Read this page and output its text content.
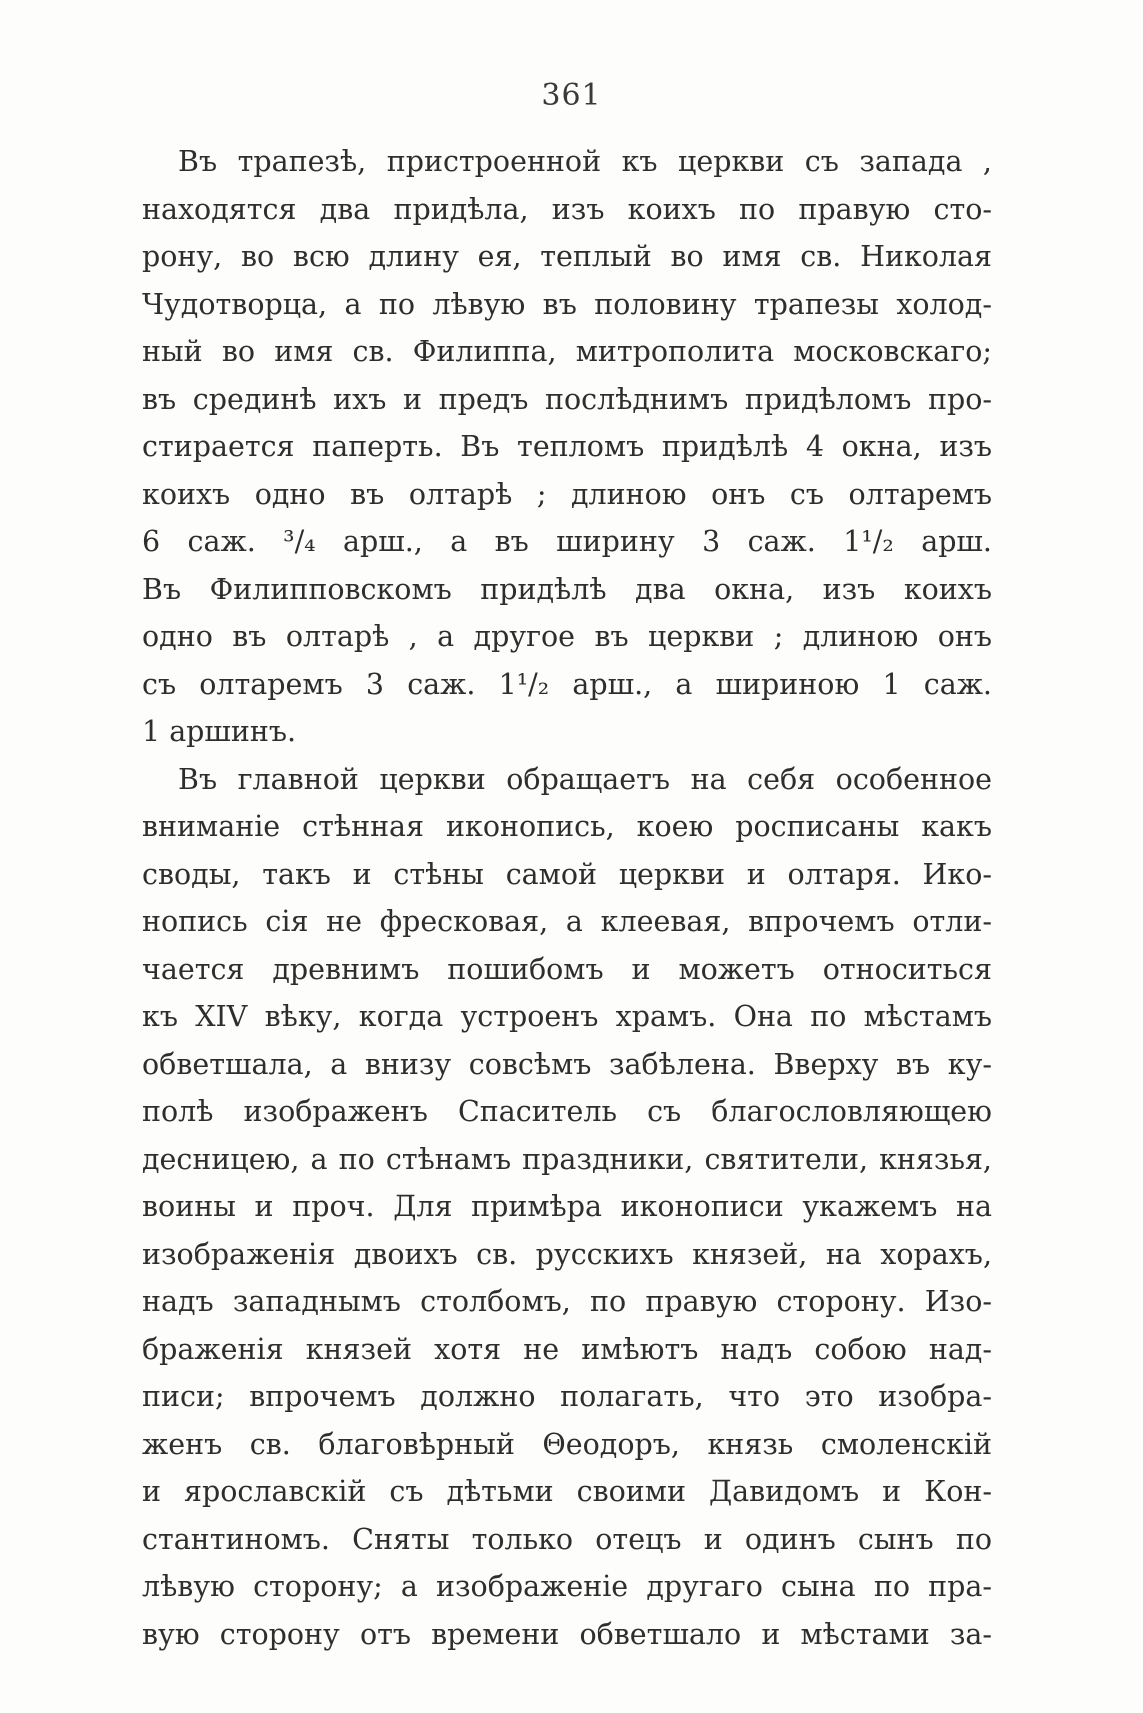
361
Въ трапезѣ, пристроенной къ церкви съ запада ,
находятся два придѣла, изъ коихъ по правую сто-
рону, во всю длину ея, теплый во имя св. Николая
Чудотворца, а по лѣвую въ половину трапезы холод-
ный во имя св. Филиппа, митрополита московскаго;
въ срединѣ ихъ и предъ послѣднимъ придѣломъ про-
стирается паперть. Въ тепломъ придѣлѣ 4 окна, изъ
коихъ одно въ олтарѣ ; длиною онъ съ олтаремъ
6 саж. ³/₄ арш., а въ ширину 3 саж. 1¹/₂ арш.
Въ Филипповскомъ придѣлѣ два окна, изъ коихъ
одно въ олтарѣ , а другое въ церкви ; длиною онъ
съ олтаремъ 3 саж. 1¹/₂ арш., а шириною 1 саж.
1 аршинъ.
Въ главной церкви обращаетъ на себя особенное
вниманіе стѣнная иконопись, коею росписаны какъ
своды, такъ и стѣны самой церкви и олтаря. Ико-
нопись сія не фресковая, а клеевая, впрочемъ отли-
чается древнимъ пошибомъ и можетъ относиться
къ XIV вѣку, когда устроенъ храмъ. Она по мѣстамъ
обветшала, а внизу совсѣмъ забѣлена. Вверху въ ку-
полѣ изображенъ Спаситель съ благословляющею
десницею, а по стѣнамъ праздники, святители, князья,
воины и проч. Для примѣра иконописи укажемъ на
изображенія двоихъ св. русскихъ князей, на хорахъ,
надъ западнымъ столбомъ, по правую сторону. Изо-
браженія князей хотя не имѣютъ надъ собою над-
писи; впрочемъ должно полагать, что это изобра-
женъ св. благовѣрный Θеодоръ, князь смоленскій
и ярославскій съ дѣтьми своими Давидомъ и Кон-
стантиномъ. Сняты только отецъ и одинъ сынъ по
лѣвую сторону; а изображеніе другаго сына по пра-
вую сторону отъ времени обветшало и мѣстами за-
